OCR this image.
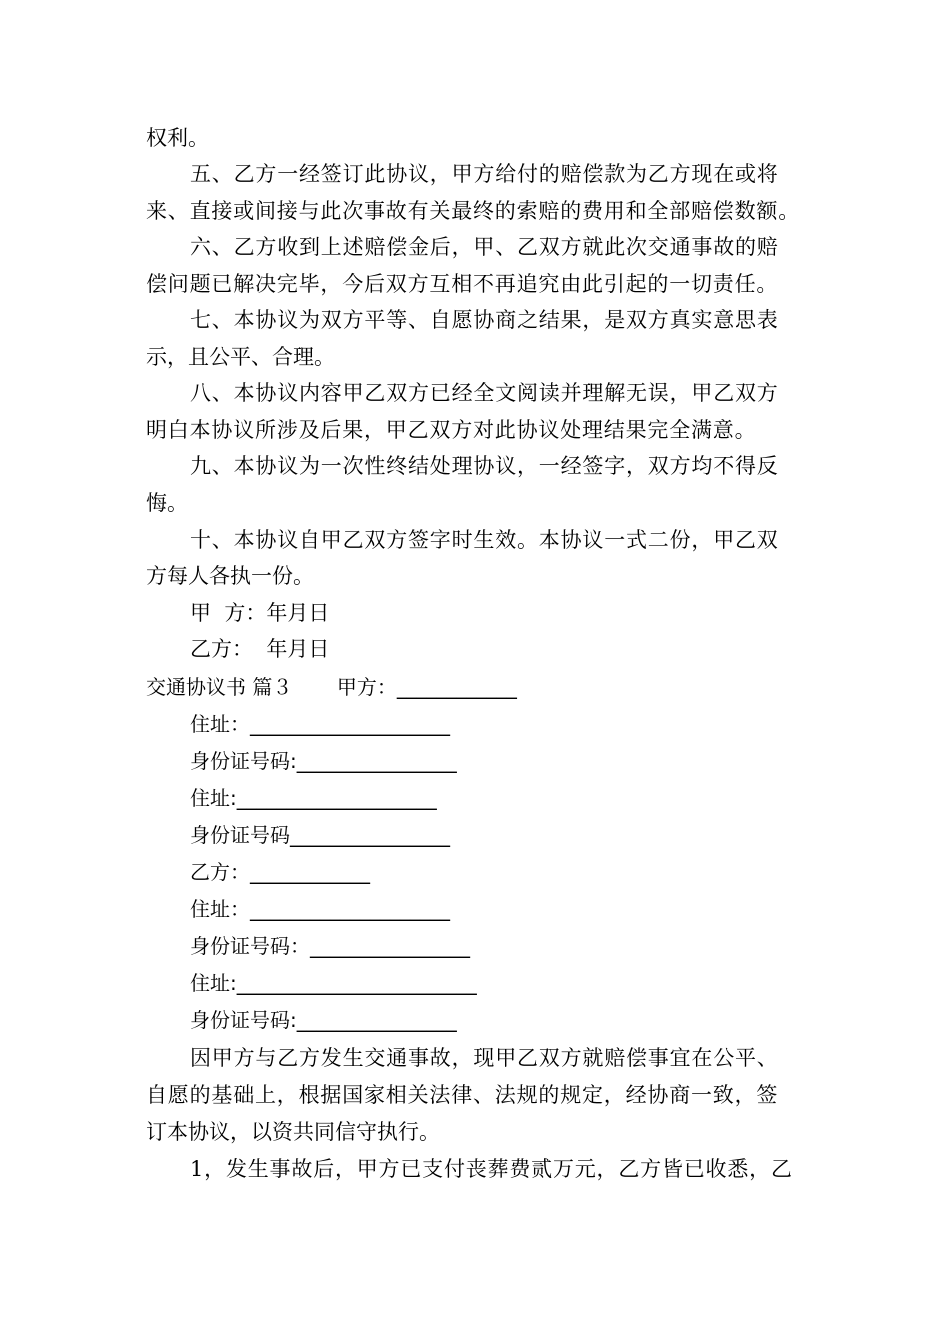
权利。
五、乙方一经签订此协议，甲方给付的赔偿款为乙方现在或将
来、直接或间接与此次事故有关最终的索赔的费用和全部赔偿数额。
六、乙方收到上述赔偿金后，甲、乙双方就此次交通事故的赔
偿问题已解决完毕，今后双方互相不再追究由此引起的一切责任。
七、本协议为双方平等、自愿协商之结果，是双方真实意思表
示，且公平、合理。
八、本协议内容甲乙双方已经全文阅读并理解无误，甲乙双方
明白本协议所涉及后果，甲乙双方对此协议处理结果完全满意。
九、本协议为一次性终结处理协议，一经签字，双方均不得反
悔。
十、本协议自甲乙双方签字时生效。本协议一式二份，甲乙双
方每人各执一份。
甲  方：年月日
乙方：  年月日
交通协议书 篇３       甲方：____________
住址：____________________
身份证号码:________________
住址:____________________
身份证号码________________
乙方：____________
住址：____________________
身份证号码：________________
住址:________________________
身份证号码:________________
因甲方与乙方发生交通事故，现甲乙双方就赔偿事宜在公平、
自愿的基础上，根据国家相关法律、法规的规定，经协商一致，签
订本协议，以资共同信守执行。
1，发生事故后，甲方已支付丧葬费贰万元，乙方皆已收悉，乙
